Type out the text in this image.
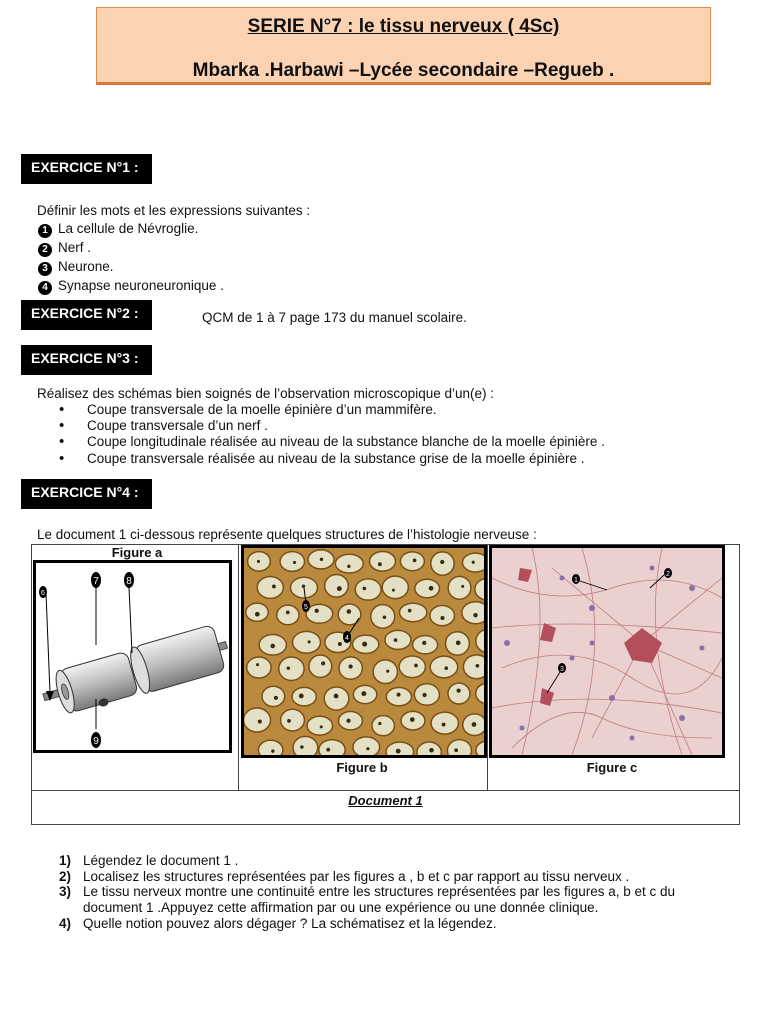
SERIE N°7 : le tissu nerveux ( 4Sc)
Mbarka .Harbawi –Lycée secondaire –Regueb .
EXERCICE N°1 :
Définir les mots et les expressions suivantes :
1 La cellule de Névroglie.
2 Nerf .
3 Neurone.
4 Synapse neuroneuronique .
EXERCICE N°2 :	QCM de 1 à 7 page 173 du manuel scolaire.
EXERCICE N°3 :
Réalisez des schémas bien soignés de l’observation microscopique d’un(e) :
• Coupe transversale de la moelle épinière d’un mammifère.
• Coupe transversale d’un nerf .
• Coupe longitudinale réalisée au niveau de la substance blanche de la moelle épinière .
• Coupe transversale réalisée au niveau de la substance grise de la moelle épinière .
EXERCICE N°4 :
Le document 1 ci-dessous représente quelques structures de l’histologie nerveuse :
Figure a
6
7	8
9
5
4
1
2
3
Figure b	Figure c
Document 1
1) Légendez le document 1 .
2) Localisez les structures représentées par les figures a , b et c par rapport au tissu nerveux .
3) Le tissu nerveux montre une continuité entre les structures représentées par les figures a, b et c du
document 1 .Appuyez cette affirmation par ou une expérience ou une donnée clinique.
4) Quelle notion pouvez alors dégager ? La schématisez et la légendez.
